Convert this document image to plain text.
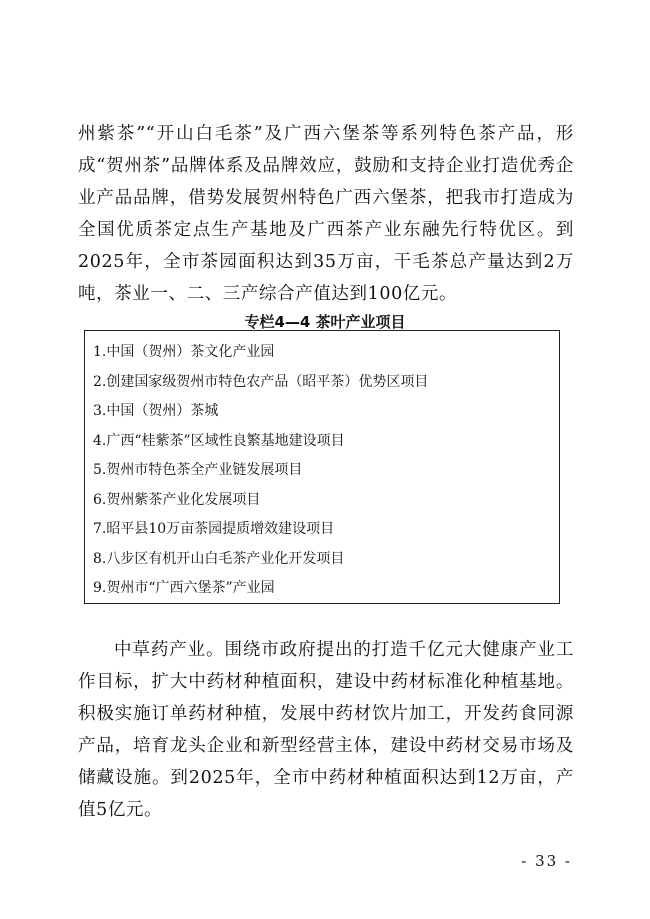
州紫茶”“开山白毛茶”及广西六堡茶等系列特色茶产品，形成“贺州茶”品牌体系及品牌效应，鼓励和支持企业打造优秀企业产品品牌，借势发展贺州特色广西六堡茶，把我市打造成为全国优质茶定点生产基地及广西茶产业东融先行特优区。到2025年，全市茶园面积达到35万亩，干毛茶总产量达到2万吨，茶业一、二、三产综合产值达到100亿元。

专栏4—4 茶叶产业项目
1.中国（贺州）茶文化产业园
2.创建国家级贺州市特色农产品（昭平茶）优势区项目
3.中国（贺州）茶城
4.广西“桂紫茶”区域性良繁基地建设项目
5.贺州市特色茶全产业链发展项目
6.贺州紫茶产业化发展项目
7.昭平县10万亩茶园提质增效建设项目
8.八步区有机开山白毛茶产业化开发项目
9.贺州市“广西六堡茶”产业园

中草药产业。围绕市政府提出的打造千亿元大健康产业工作目标，扩大中药材种植面积，建设中药材标准化种植基地。积极实施订单药材种植，发展中药材饮片加工，开发药食同源产品，培育龙头企业和新型经营主体，建设中药材交易市场及储藏设施。到2025年，全市中药材种植面积达到12万亩，产值5亿元。

- 33 -
